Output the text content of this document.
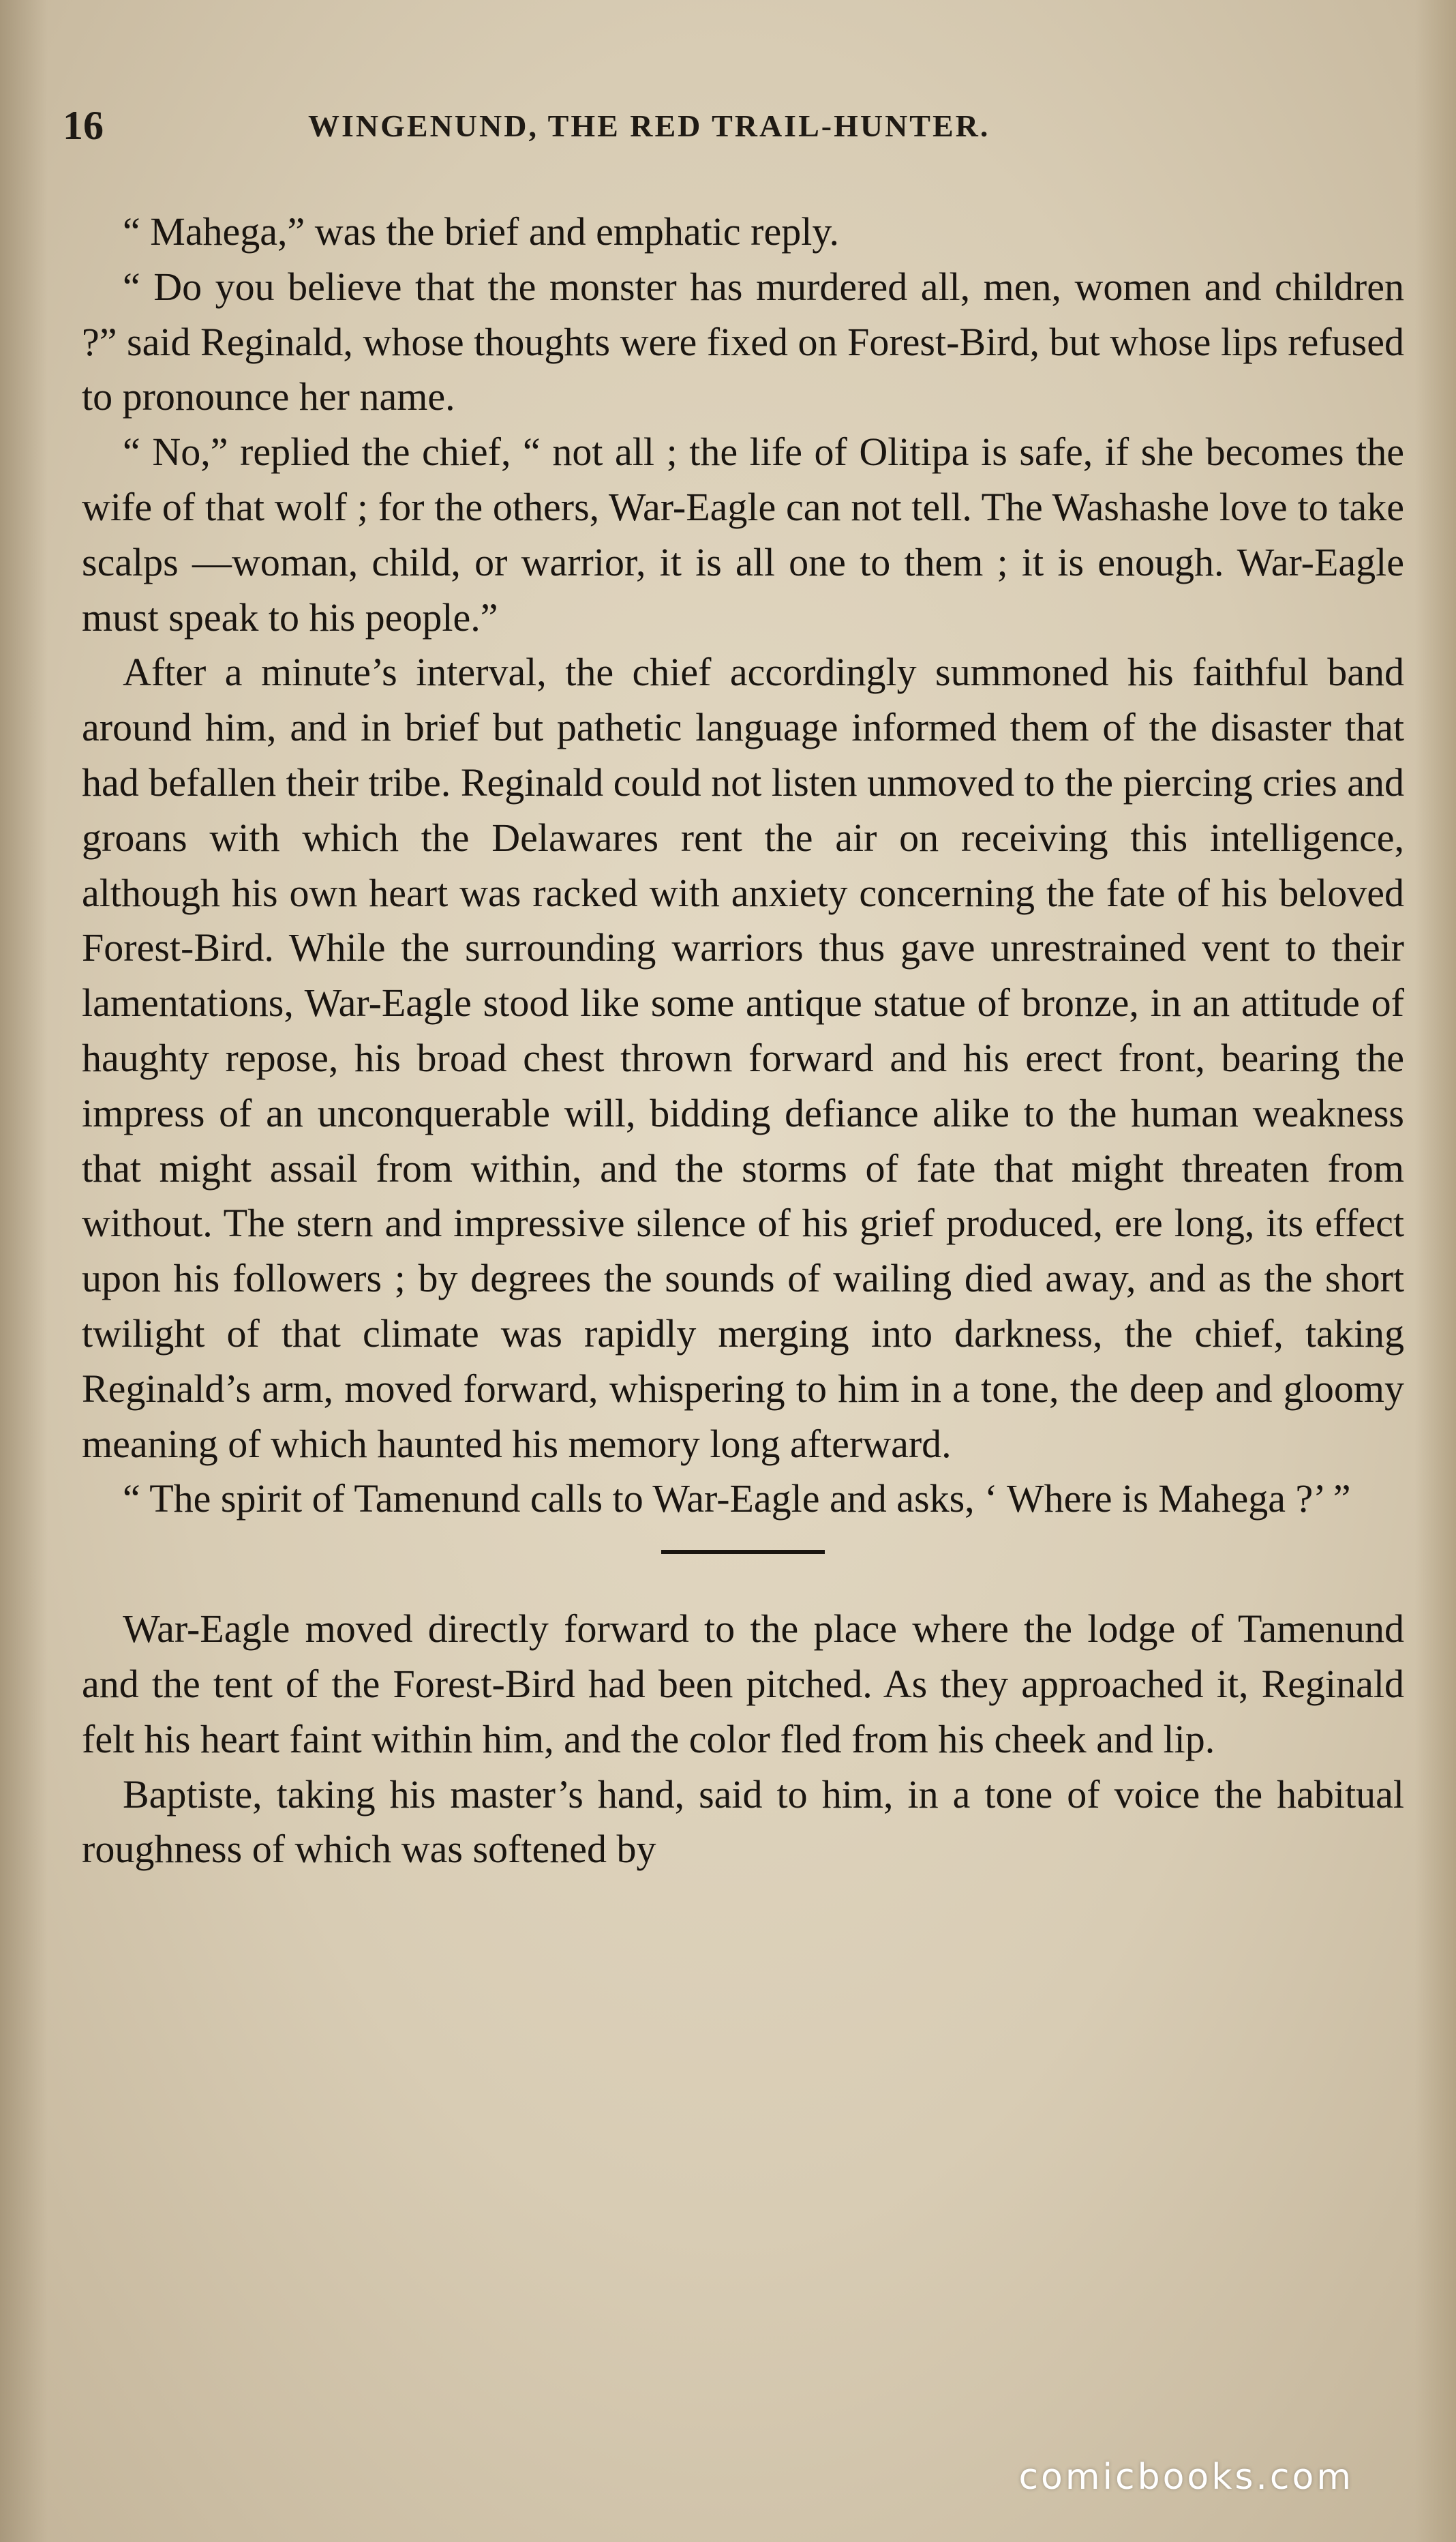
16	WINGENUND, THE RED TRAIL-HUNTER.

“ Mahega,” was the brief and emphatic reply.

“ Do you believe that the monster has murdered all, men, women and children ?” said Reginald, whose thoughts were fixed on Forest-Bird, but whose lips refused to pronounce her name.

“ No,” replied the chief, “ not all ; the life of Olitipa is safe, if she becomes the wife of that wolf ; for the others, War-Eagle can not tell. The Washashe love to take scalps —woman, child, or warrior, it is all one to them ; it is enough. War-Eagle must speak to his people.”

After a minute’s interval, the chief accordingly summoned his faithful band around him, and in brief but pathetic language informed them of the disaster that had befallen their tribe. Reginald could not listen unmoved to the piercing cries and groans with which the Delawares rent the air on receiving this intelligence, although his own heart was racked with anxiety concerning the fate of his beloved Forest-Bird. While the surrounding warriors thus gave unrestrained vent to their lamentations, War-Eagle stood like some antique statue of bronze, in an attitude of haughty repose, his broad chest thrown forward and his erect front, bearing the impress of an unconquerable will, bidding defiance alike to the human weakness that might assail from within, and the storms of fate that might threaten from without. The stern and impressive silence of his grief produced, ere long, its effect upon his followers ; by degrees the sounds of wailing died away, and as the short twilight of that climate was rapidly merging into darkness, the chief, taking Reginald’s arm, moved forward, whispering to him in a tone, the deep and gloomy meaning of which haunted his memory long afterward.

“ The spirit of Tamenund calls to War-Eagle and asks, ‘ Where is Mahega ?’ ”

War-Eagle moved directly forward to the place where the lodge of Tamenund and the tent of the Forest-Bird had been pitched. As they approached it, Reginald felt his heart faint within him, and the color fled from his cheek and lip.

Baptiste, taking his master’s hand, said to him, in a tone of voice the habitual roughness of which was softened by

comicbooks.com
